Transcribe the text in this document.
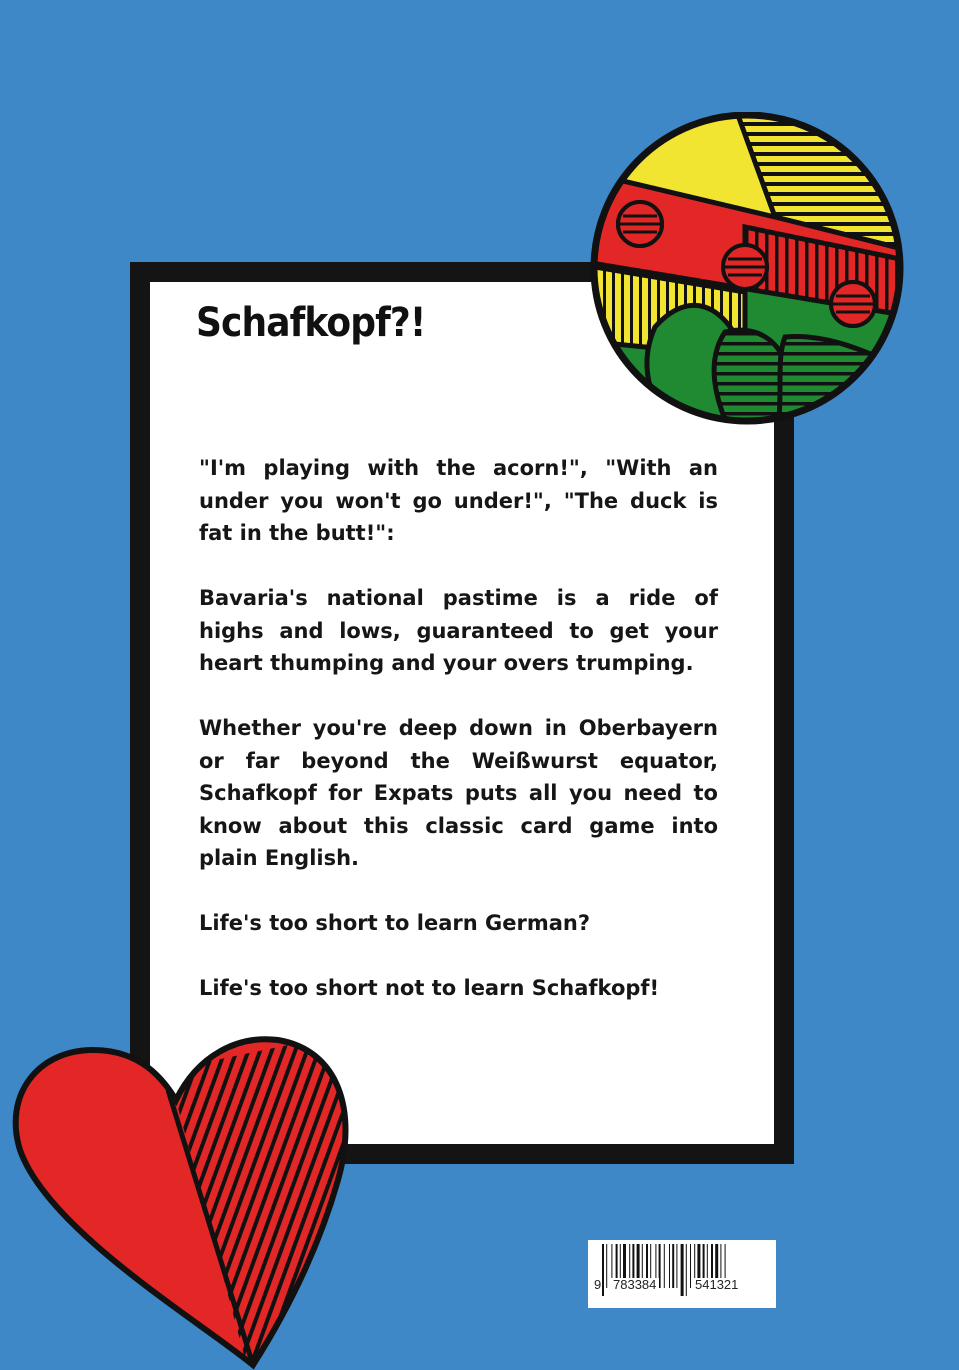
Schafkopf?!

"I'm playing with the acorn!", "With an under you won't go under!", "The duck is fat in the butt!":

Bavaria's national pastime is a ride of highs and lows, guaranteed to get your heart thumping and your overs trumping.

Whether you're deep down in Oberbayern or far beyond the Weißwurst equator, Schafkopf for Expats puts all you need to know about this classic card game into plain English.

Life's too short to learn German?

Life's too short not to learn Schafkopf!

9 783384	541321
